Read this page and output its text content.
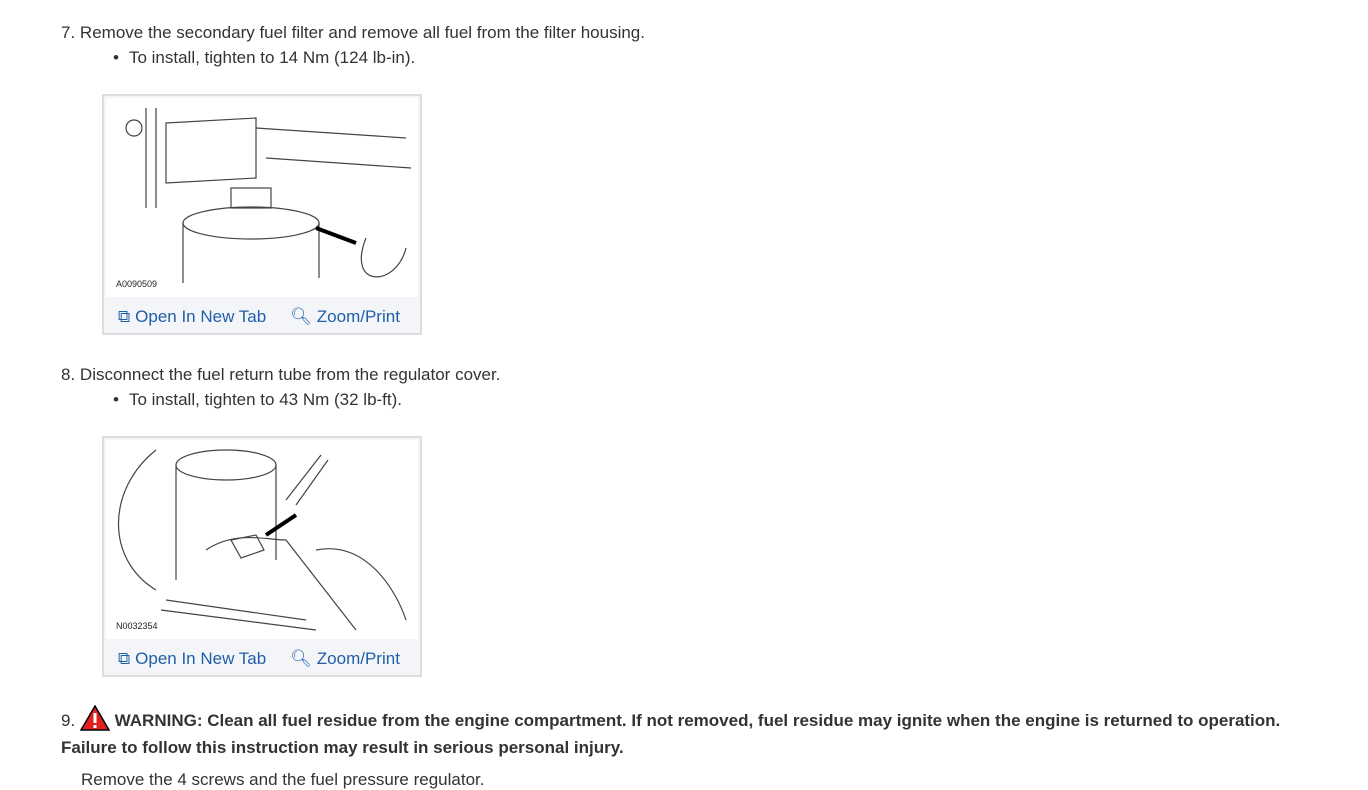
7. Remove the secondary fuel filter and remove all fuel from the filter housing.
• To install, tighten to 14 Nm (124 lb-in).
A0090509
⧉ Open In New Tab 🔍︎ Zoom/Print
8. Disconnect the fuel return tube from the regulator cover.
• To install, tighten to 43 Nm (32 lb-ft).
N0032354
⧉ Open In New Tab 🔍︎ Zoom/Print
9. WARNING: Clean all fuel residue from the engine compartment. If not removed, fuel residue may ignite when the engine is returned to operation. Failure to follow this instruction may result in serious personal injury.
Remove the 4 screws and the fuel pressure regulator.
